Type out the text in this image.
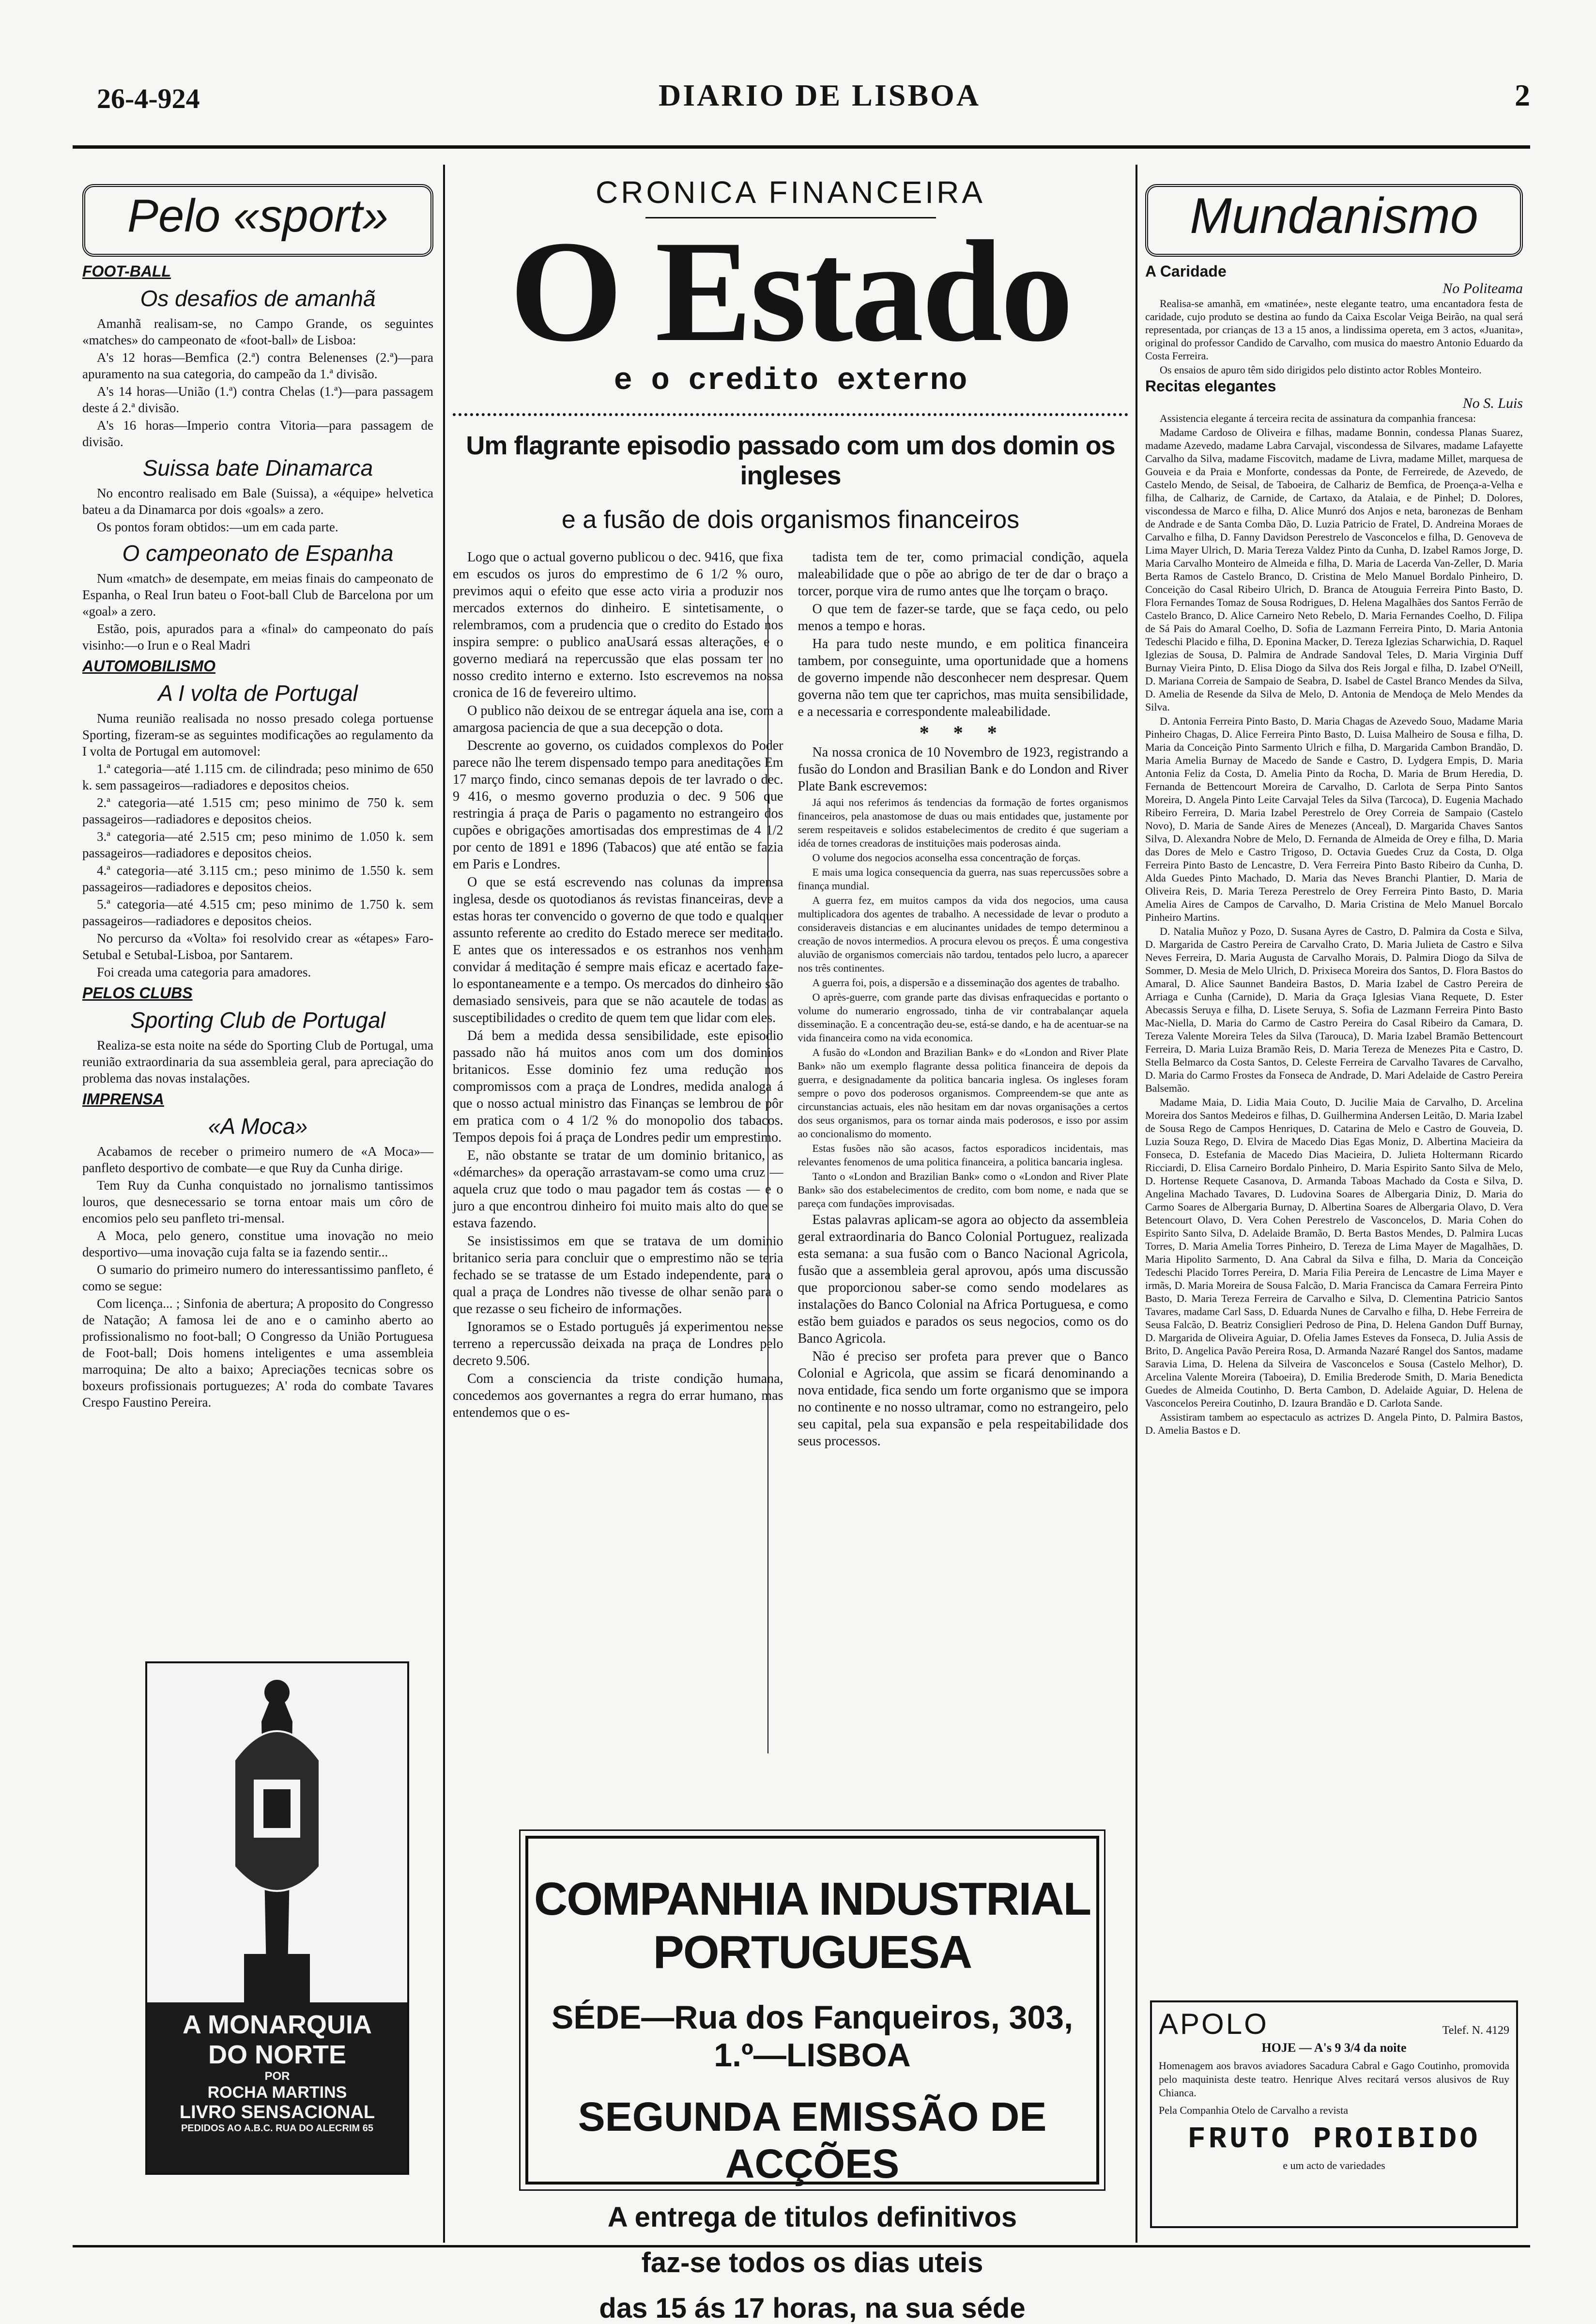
26-4-924	DIARIO DE LISBOA	2
Pelo «sport»
FOOT-BALL
Os desafios de amanhã

Amanhã realisam-se, no Campo Grande, os seguintes «matches» do campeonato de «foot-ball» de Lisboa:

A's 12 horas—Bemfica (2.ª) contra Belenenses (2.ª)—para apuramento na sua categoria, do campeão da 1.ª divisão.

A's 14 horas—União (1.ª) contra Chelas (1.ª)—para passagem deste á 2.ª divisão.

A's 16 horas—Imperio contra Vitoria—para passagem de divisão.

Suissa bate Dinamarca

No encontro realisado em Bale (Suissa), a «équipe» helvetica bateu a da Dinamarca por dois «goals» a zero.

Os pontos foram obtidos:—um em cada parte.

O campeonato de Espanha

Num «match» de desempate, em meias finais do campeonato de Espanha, o Real Irun bateu o Foot-ball Club de Barcelona por um «goal» a zero.

Estão, pois, apurados para a «final» do campeonato do país visinho:—o Irun e o Real Madri

AUTOMOBILISMO
A I volta de Portugal

Numa reunião realisada no nosso presado colega portuense Sporting, fizeram-se as seguintes modificações ao regulamento da I volta de Portugal em automovel:

1.ª categoria—até 1.115 cm. de cilindrada; peso minimo de 650 k. sem passageiros—radiadores e depositos cheios.

2.ª categoria—até 1.515 cm; peso minimo de 750 k. sem passageiros—radiadores e depositos cheios.

3.ª categoria—até 2.515 cm; peso minimo de 1.050 k. sem passageiros—radiadores e depositos cheios.

4.ª categoria—até 3.115 cm.; peso minimo de 1.550 k. sem passageiros—radiadores e depositos cheios.

5.ª categoria—até 4.515 cm; peso minimo de 1.750 k. sem passageiros—radiadores e depositos cheios.

No percurso da «Volta» foi resolvido crear as «étapes» Faro-Setubal e Setubal-Lisboa, por Santarem.

Foi creada uma categoria para amadores.

PELOS CLUBS
Sporting Club de Portugal

Realiza-se esta noite na séde do Sporting Club de Portugal, uma reunião extraordinaria da sua assembleia geral, para apreciação do problema das novas instalações.

IMPRENSA
«A Moca»

Acabamos de receber o primeiro numero de «A Moca»—panfleto desportivo de combate—e que Ruy da Cunha dirige.

Tem Ruy da Cunha conquistado no jornalismo tantissimos louros, que desnecessario se torna entoar mais um côro de encomios pelo seu panfleto tri-mensal.

A Moca, pelo genero, constitue uma inovação no meio desportivo—uma inovação cuja falta se ia fazendo sentir...

O sumario do primeiro numero do interessantissimo panfleto, é como se segue:

Com licença... ; Sinfonia de abertura; A proposito do Congresso de Natação; A famosa lei de ano e o caminho aberto ao profissionalismo no foot-ball; O Congresso da União Portuguesa de Foot-ball; Dois homens inteligentes e uma assembleia marroquina; De alto a baixo; Apreciações tecnicas sobre os boxeurs profissionais portuguezes; A' roda do combate Tavares Crespo Faustino Pereira.

A MONARQUIA
DO NORTE
POR
ROCHA MARTINS
LIVRO SENSACIONAL
PEDIDOS AO A.B.C. RUA DO ALECRIM 65
CRONICA FINANCEIRA
O Estado
e o credito externo
Um flagrante episodio passado com um dos domin os ingleses
e a fusão de dois organismos financeiros

Logo que o actual governo publicou o dec. 9416, que fixa em escudos os juros do emprestimo de 6 1/2 % ouro, previmos aqui o efeito que esse acto viria a produzir nos mercados externos do dinheiro. E sintetisamente, o relembramos, com a prudencia que o credito do Estado nos inspira sempre: o publico anaUsará essas alterações, e o governo mediará na repercussão que elas possam ter no nosso credito interno e externo. Isto escrevemos na nossa cronica de 16 de fevereiro ultimo.

O publico não deixou de se entregar áquela ana ise, com a amargosa paciencia de que a sua decepção o dota.

Descrente ao governo, os cuidados complexos do Poder parece não lhe terem dispensado tempo para aneditações Em 17 março findo, cinco semanas depois de ter lavrado o dec. 9 416, o mesmo governo produzia o dec. 9 506 que restringia á praça de Paris o pagamento no estrangeiro dos cupões e obrigações amortisadas dos emprestimas de 4 1/2 por cento de 1891 e 1896 (Tabacos) que até então se fazia em Paris e Londres.

O que se está escrevendo nas colunas da imprensa inglesa, desde os quotodianos ás revistas financeiras, deve a estas horas ter convencido o governo de que todo e qualquer assunto referente ao credito do Estado merece ser meditado. E antes que os interessados e os estranhos nos venham convidar á meditação é sempre mais eficaz e acertado faze-lo espontaneamente e a tempo. Os mercados do dinheiro são demasiado sensiveis, para que se não acautele de todas as susceptibilidades o credito de quem tem que lidar com eles.

Dá bem a medida dessa sensibilidade, este episodio passado não há muitos anos com um dos dominios britanicos. Esse dominio fez uma redução nos compromissos com a praça de Londres, medida analoga á que o nosso actual ministro das Finanças se lembrou de pôr em pratica com o 4 1/2 % do monopolio dos tabacos. Tempos depois foi á praça de Londres pedir um emprestimo.

E, não obstante se tratar de um dominio britanico, as «démarches» da operação arrastavam-se como uma cruz — aquela cruz que todo o mau pagador tem ás costas — e o juro a que encontrou dinheiro foi muito mais alto do que se estava fazendo.

Se insistissimos em que se tratava de um dominio britanico seria para concluir que o emprestimo não se teria fechado se se tratasse de um Estado independente, para o qual a praça de Londres não tivesse de olhar senão para o que rezasse o seu ficheiro de informações.

Ignoramos se o Estado português já experimentou nesse terreno a repercussão deixada na praça de Londres pelo decreto 9.506.

Com a consciencia da triste condição humana, concedemos aos governantes a regra do errar humano, mas entendemos que o es-

tadista tem de ter, como primacial condição, aquela maleabilidade que o põe ao abrigo de ter de dar o braço a torcer, porque vira de rumo antes que lhe torçam o braço.

O que tem de fazer-se tarde, que se faça cedo, ou pelo menos a tempo e horas.

Ha para tudo neste mundo, e em politica financeira tambem, por conseguinte, uma oportunidade que a homens de governo impende não desconhecer nem despresar. Quem governa não tem que ter caprichos, mas muita sensibilidade, e a necessaria e correspondente maleabilidade.

* * *

Na nossa cronica de 10 Novembro de 1923, registrando a fusão do London and Brasilian Bank e do London and River Plate Bank escrevemos:

Já aqui nos referimos ás tendencias da formação de fortes organismos financeiros, pela anastomose de duas ou mais entidades que, justamente por serem respeitaveis e solidos estabelecimentos de credito é que sugeriam a idéa de tornes creadoras de instituições mais poderosas ainda.

O volume dos negocios aconselha essa concentração de forças.

E mais uma logica consequencia da guerra, nas suas repercussões sobre a finança mundial.

A guerra fez, em muitos campos da vida dos negocios, uma causa multiplicadora dos agentes de trabalho. A necessidade de levar o produto a consideraveis distancias e em alucinantes unidades de tempo determinou a creação de novos intermedios. A procura elevou os preços. É uma congestiva aluvião de organismos comerciais não tardou, tentados pelo lucro, a aparecer nos três continentes.

A guerra foi, pois, a dispersão e a disseminação dos agentes de trabalho.

O après-guerre, com grande parte das divisas enfraquecidas e portanto o volume do numerario engrossado, tinha de vir contrabalançar aquela disseminação. E a concentração deu-se, está-se dando, e ha de acentuar-se na vida financeira como na vida economica.

A fusão do «London and Brazilian Bank» e do «London and River Plate Bank» não um exemplo flagrante dessa politica financeira de depois da guerra, e designadamente da politica bancaria inglesa. Os ingleses foram sempre o povo dos poderosos organismos. Compreendem-se que ante as circunstancias actuais, eles não hesitam em dar novas organisações a certos dos seus organismos, para os tornar ainda mais poderosos, e isso por assim ao concionalismo do momento.

Estas fusões não são acasos, factos esporadicos incidentais, mas relevantes fenomenos de uma politica financeira, a politica bancaria inglesa.

Tanto o «London and Brazilian Bank» como o «London and River Plate Bank» são dos estabelecimentos de credito, com bom nome, e nada que se pareça com fundações improvisadas.

Estas palavras aplicam-se agora ao objecto da assembleia geral extraordinaria do Banco Colonial Portuguez, realizada esta semana: a sua fusão com o Banco Nacional Agricola, fusão que a assembleia geral aprovou, após uma discussão que proporcionou saber-se como sendo modelares as instalações do Banco Colonial na Africa Portuguesa, e como estão bem guiados e parados os seus negocios, como os do Banco Agricola.

Não é preciso ser profeta para prever que o Banco Colonial e Agricola, que assim se ficará denominando a nova entidade, fica sendo um forte organismo que se impora no continente e no nosso ultramar, como no estrangeiro, pelo seu capital, pela sua expansão e pela respeitabilidade dos seus processos.

COMPANHIA INDUSTRIAL PORTUGUESA
SÉDE—Rua dos Fanqueiros, 303, 1.º—LISBOA
SEGUNDA EMISSÃO DE ACÇÕES
A entrega de titulos definitivos
faz-se todos os dias uteis
das 15 ás 17 horas, na sua séde
Mundanismo
A Caridade
No Politeama

Realisa-se amanhã, em «matinée», neste elegante teatro, uma encantadora festa de caridade, cujo produto se destina ao fundo da Caixa Escolar Veiga Beirão, na qual será representada, por crianças de 13 a 15 anos, a lindissima opereta, em 3 actos, «Juanita», original do professor Candido de Carvalho, com musica do maestro Antonio Eduardo da Costa Ferreira.

Os ensaios de apuro têm sido dirigidos pelo distinto actor Robles Monteiro.

Recitas elegantes
No S. Luis

Assistencia elegante á terceira recita de assinatura da companhia francesa:

Madame Cardoso de Oliveira e filhas, madame Bonnin, condessa Planas Suarez, madame Azevedo, madame Labra Carvajal, viscondessa de Silvares, madame Lafayette Carvalho da Silva, madame Fiscovitch, madame de Livra, madame Millet, marquesa de Gouveia e da Praia e Monforte, condessas da Ponte, de Ferreirede, de Azevedo, de Castelo Mendo, de Seisal, de Taboeira, de Calhariz de Bemfica, de Proença-a-Velha e filha, de Calhariz, de Carnide, de Cartaxo, da Atalaia, e de Pinhel; D. Dolores, viscondessa de Marco e filha, D. Alice Munró dos Anjos e neta, baronezas de Benham de Andrade e de Santa Comba Dão, D. Luzia Patricio de Fratel, D. Andreina Moraes de Carvalho e filha, D. Fanny Davidson Perestrelo de Vasconcelos e filha, D. Genoveva de Lima Mayer Ulrich, D. Maria Tereza Valdez Pinto da Cunha, D. Izabel Ramos Jorge, D. Maria Carvalho Monteiro de Almeida e filha, D. Maria de Lacerda Van-Zeller, D. Maria Berta Ramos de Castelo Branco, D. Cristina de Melo Manuel Bordalo Pinheiro, D. Conceição do Casal Ribeiro Ulrich, D. Branca de Atouguia Ferreira Pinto Basto, D. Flora Fernandes Tomaz de Sousa Rodrigues, D. Helena Magalhães dos Santos Ferrão de Castelo Branco, D. Alice Carneiro Neto Rebelo, D. Maria Fernandes Coelho, D. Filipa de Sá Pais do Amaral Coelho, D. Sofia de Lazmann Ferreira Pinto, D. Maria Antonia Tedeschi Placido e filha, D. Eponina Macker, D. Tereza Iglezias Scharwichia, D. Raquel Iglezias de Sousa, D. Palmira de Andrade Sandoval Teles, D. Maria Virginia Duff Burnay Vieira Pinto, D. Elisa Diogo da Silva dos Reis Jorgal e filha, D. Izabel O'Neill, D. Mariana Correia de Sampaio de Seabra, D. Isabel de Castel Branco Mendes da Silva, D. Amelia de Resende da Silva de Melo, D. Antonia de Mendoça de Melo Mendes da Silva.

D. Antonia Ferreira Pinto Basto, D. Maria Chagas de Azevedo Souo, Madame Maria Pinheiro Chagas, D. Alice Ferreira Pinto Basto, D. Luisa Malheiro de Sousa e filha, D. Maria da Conceição Pinto Sarmento Ulrich e filha, D. Margarida Cambon Brandão, D. Maria Amelia Burnay de Macedo de Sande e Castro, D. Lydgera Empis, D. Maria Antonia Feliz da Costa, D. Amelia Pinto da Rocha, D. Maria de Brum Heredia, D. Fernanda de Bettencourt Moreira de Carvalho, D. Carlota de Serpa Pinto Santos Moreira, D. Angela Pinto Leite Carvajal Teles da Silva (Tarcoca), D. Eugenia Machado Ribeiro Ferreira, D. Maria Izabel Perestrelo de Orey Correia de Sampaio (Castelo Novo), D. Maria de Sande Aires de Menezes (Anceal), D. Margarida Chaves Santos Silva, D. Alexandra Nobre de Melo, D. Fernanda de Almeida de Orey e filha, D. Maria das Dores de Melo e Castro Trigoso, D. Octavia Guedes Cruz da Costa, D. Olga Ferreira Pinto Basto de Lencastre, D. Vera Ferreira Pinto Basto Ribeiro da Cunha, D. Alda Guedes Pinto Machado, D. Maria das Neves Branchi Plantier, D. Maria de Oliveira Reis, D. Maria Tereza Perestrelo de Orey Ferreira Pinto Basto, D. Maria Amelia Aires de Campos de Carvalho, D. Maria Cristina de Melo Manuel Borcalo Pinheiro Martins.

D. Natalia Muñoz y Pozo, D. Susana Ayres de Castro, D. Palmira da Costa e Silva, D. Margarida de Castro Pereira de Carvalho Crato, D. Maria Julieta de Castro e Silva Neves Ferreira, D. Maria Augusta de Carvalho Morais, D. Palmira Diogo da Silva de Sommer, D. Mesia de Melo Ulrich, D. Prixiseca Moreira dos Santos, D. Flora Bastos do Amaral, D. Alice Saunnet Bandeira Bastos, D. Maria Izabel de Castro Pereira de Arriaga e Cunha (Carnide), D. Maria da Graça Iglesias Viana Requete, D. Ester Abecassis Seruya e filha, D. Lisete Seruya, S. Sofia de Lazmann Ferreira Pinto Basto Mac-Niella, D. Maria do Carmo de Castro Pereira do Casal Ribeiro da Camara, D. Tereza Valente Moreira Teles da Silva (Tarouca), D. Maria Izabel Bramão Bettencourt Ferreira, D. Maria Luiza Bramão Reis, D. Maria Tereza de Menezes Pita e Castro, D. Stella Belmarco da Costa Santos, D. Celeste Ferreira de Carvalho Tavares de Carvalho, D. Maria do Carmo Frostes da Fonseca de Andrade, D. Mari Adelaide de Castro Pereira Balsemão.

Madame Maia, D. Lidia Maia Couto, D. Jucilie Maia de Carvalho, D. Arcelina Moreira dos Santos Medeiros e filhas, D. Guilhermina Andersen Leitão, D. Maria Izabel de Sousa Rego de Campos Henriques, D. Catarina de Melo e Castro de Gouveia, D. Luzia Souza Rego, D. Elvira de Macedo Dias Egas Moniz, D. Albertina Macieira da Fonseca, D. Estefania de Macedo Dias Macieira, D. Julieta Holtermann Ricardo Ricciardi, D. Elisa Carneiro Bordalo Pinheiro, D. Maria Espirito Santo Silva de Melo, D. Hortense Requete Casanova, D. Armanda Taboas Machado da Costa e Silva, D. Angelina Machado Tavares, D. Ludovina Soares de Albergaria Diniz, D. Maria do Carmo Soares de Albergaria Burnay, D. Albertina Soares de Albergaria Olavo, D. Vera Betencourt Olavo, D. Vera Cohen Perestrelo de Vasconcelos, D. Maria Cohen do Espirito Santo Silva, D. Adelaide Bramão, D. Berta Bastos Mendes, D. Palmira Lucas Torres, D. Maria Amelia Torres Pinheiro, D. Tereza de Lima Mayer de Magalhães, D. Maria Hipolito Sarmento, D. Ana Cabral da Silva e filha, D. Maria da Conceição Tedeschi Placido Torres Pereira, D. Maria Filia Pereira de Lencastre de Lima Mayer e irmãs, D. Maria Moreira de Sousa Falcão, D. Maria Francisca da Camara Ferreira Pinto Basto, D. Maria Tereza Ferreira de Carvalho e Silva, D. Clementina Patricio Santos Tavares, madame Carl Sass, D. Eduarda Nunes de Carvalho e filha, D. Hebe Ferreira de Seusa Falcão, D. Beatriz Consiglieri Pedroso de Pina, D. Helena Gandon Duff Burnay, D. Margarida de Oliveira Aguiar, D. Ofelia James Esteves da Fonseca, D. Julia Assis de Brito, D. Angelica Pavão Pereira Rosa, D. Armanda Nazaré Rangel dos Santos, madame Saravia Lima, D. Helena da Silveira de Vasconcelos e Sousa (Castelo Melhor), D. Arcelina Valente Moreira (Taboeira), D. Emilia Brederode Smith, D. Maria Benedicta Guedes de Almeida Coutinho, D. Berta Cambon, D. Adelaide Aguiar, D. Helena de Vasconcelos Pereira Coutinho, D. Izaura Brandão e D. Carlota Sande.

Assistiram tambem ao espectaculo as actrizes D. Angela Pinto, D. Palmira Bastos, D. Amelia Bastos e D.

APOLO	Telef. N. 4129
HOJE — A's 9 3/4 da noite

Homenagem aos bravos aviadores Sacadura Cabral e Gago Coutinho, promovida pelo maquinista deste teatro. Henrique Alves recitará versos alusivos de Ruy Chianca.

Pela Companhia Otelo de Carvalho a revista

FRUTO PROIBIDO
e um acto de variedades
